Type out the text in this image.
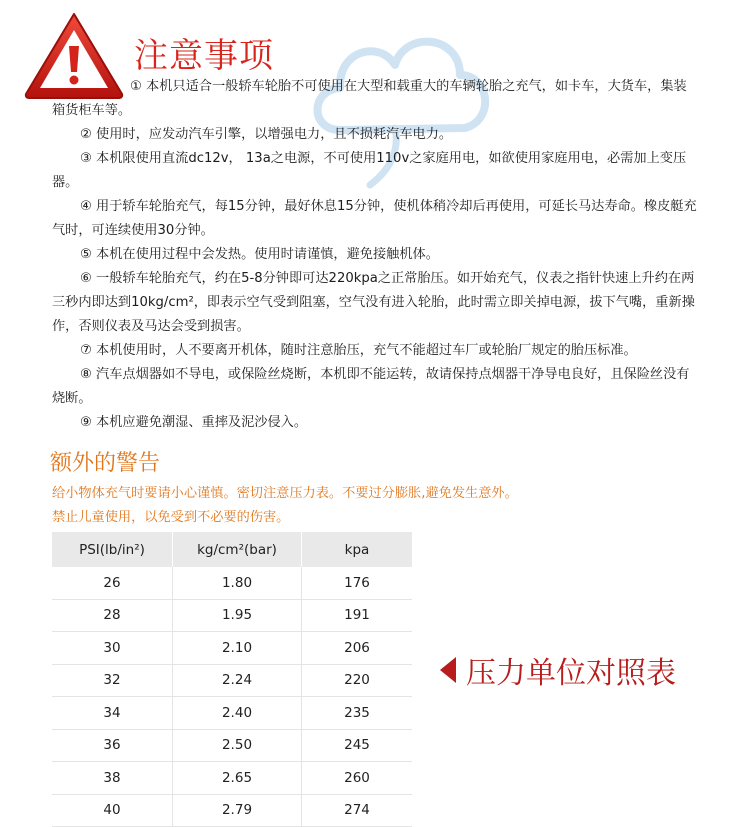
注意事项

① 本机只适合一般轿车轮胎不可使用在大型和载重大的车辆轮胎之充气，如卡车，大货车，集装箱货柜车等。

② 使用时，应发动汽车引擎，以增强电力，且不损耗汽车电力。

③ 本机限使用直流dc12v， 13a之电源，不可使用110v之家庭用电，如欲使用家庭用电，必需加上变压器。

④ 用于轿车轮胎充气，每15分钟，最好休息15分钟，使机体稍冷却后再使用，可延长马达寿命。橡皮艇充气时，可连续使用30分钟。

⑤ 本机在使用过程中会发热。使用时请谨慎，避免接触机体。

⑥ 一般轿车轮胎充气，约在5-8分钟即可达220kpa之正常胎压。如开始充气，仪表之指针快速上升约在两三秒内即达到10kg/cm²，即表示空气受到阻塞，空气没有进入轮胎，此时需立即关掉电源，拔下气嘴，重新操作，否则仪表及马达会受到损害。

⑦ 本机使用时，人不要离开机体，随时注意胎压，充气不能超过车厂或轮胎厂规定的胎压标准。

⑧ 汽车点烟器如不导电，或保险丝烧断，本机即不能运转，故请保持点烟器干净导电良好，且保险丝没有烧断。

⑨ 本机应避免潮湿、重摔及泥沙侵入。

额外的警告

给小物体充气时要请小心谨慎。密切注意压力表。不要过分膨胀,避免发生意外。

禁止儿童使用，以免受到不必要的伤害。

PSI(lb/in²)	kg/cm²(bar)	kpa
26	1.80	176
28	1.95	191
30	2.10	206
32	2.24	220
34	2.40	235
36	2.50	245
38	2.65	260
40	2.79	274
压力单位对照表
